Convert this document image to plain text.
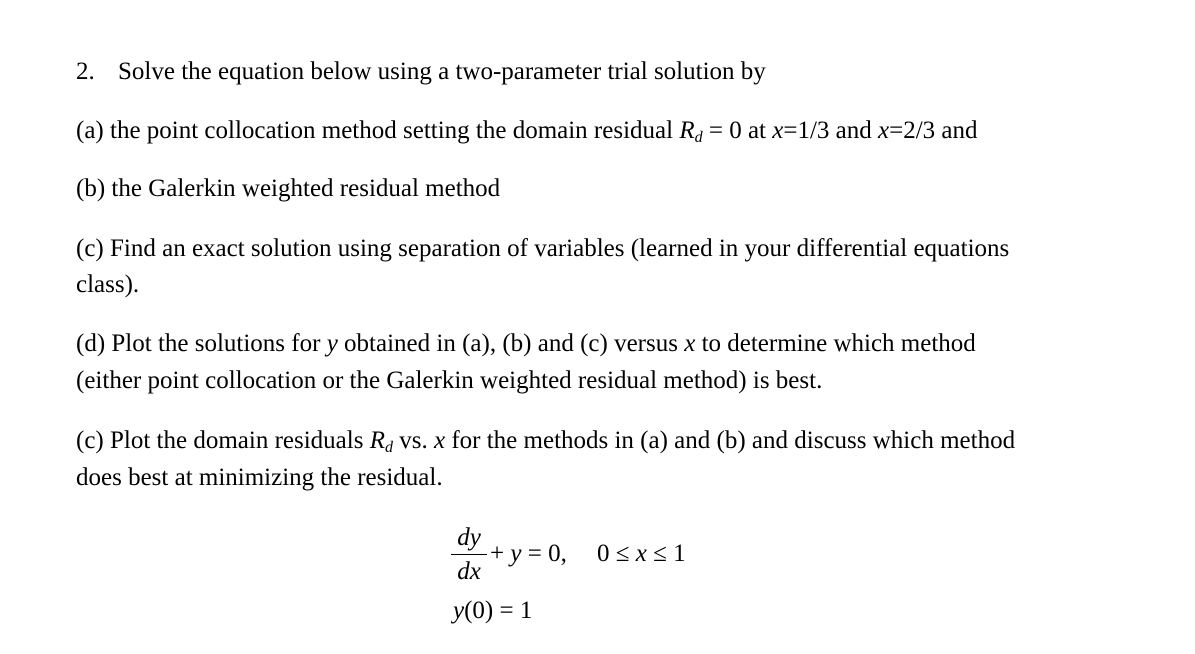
2. Solve the equation below using a two-parameter trial solution by
(a) the point collocation method setting the domain residual Rd = 0 at x=1/3 and x=2/3 and
(b) the Galerkin weighted residual method
(c) Find an exact solution using separation of variables (learned in your differential equations
class).
(d) Plot the solutions for y obtained in (a), (b) and (c) versus x to determine which method
(either point collocation or the Galerkin weighted residual method) is best.
(c) Plot the domain residuals Rd vs. x for the methods in (a) and (b) and discuss which method
does best at minimizing the residual.
dy
dx
+ y = 0, 0 ≤ x ≤ 1
y(0) = 1
